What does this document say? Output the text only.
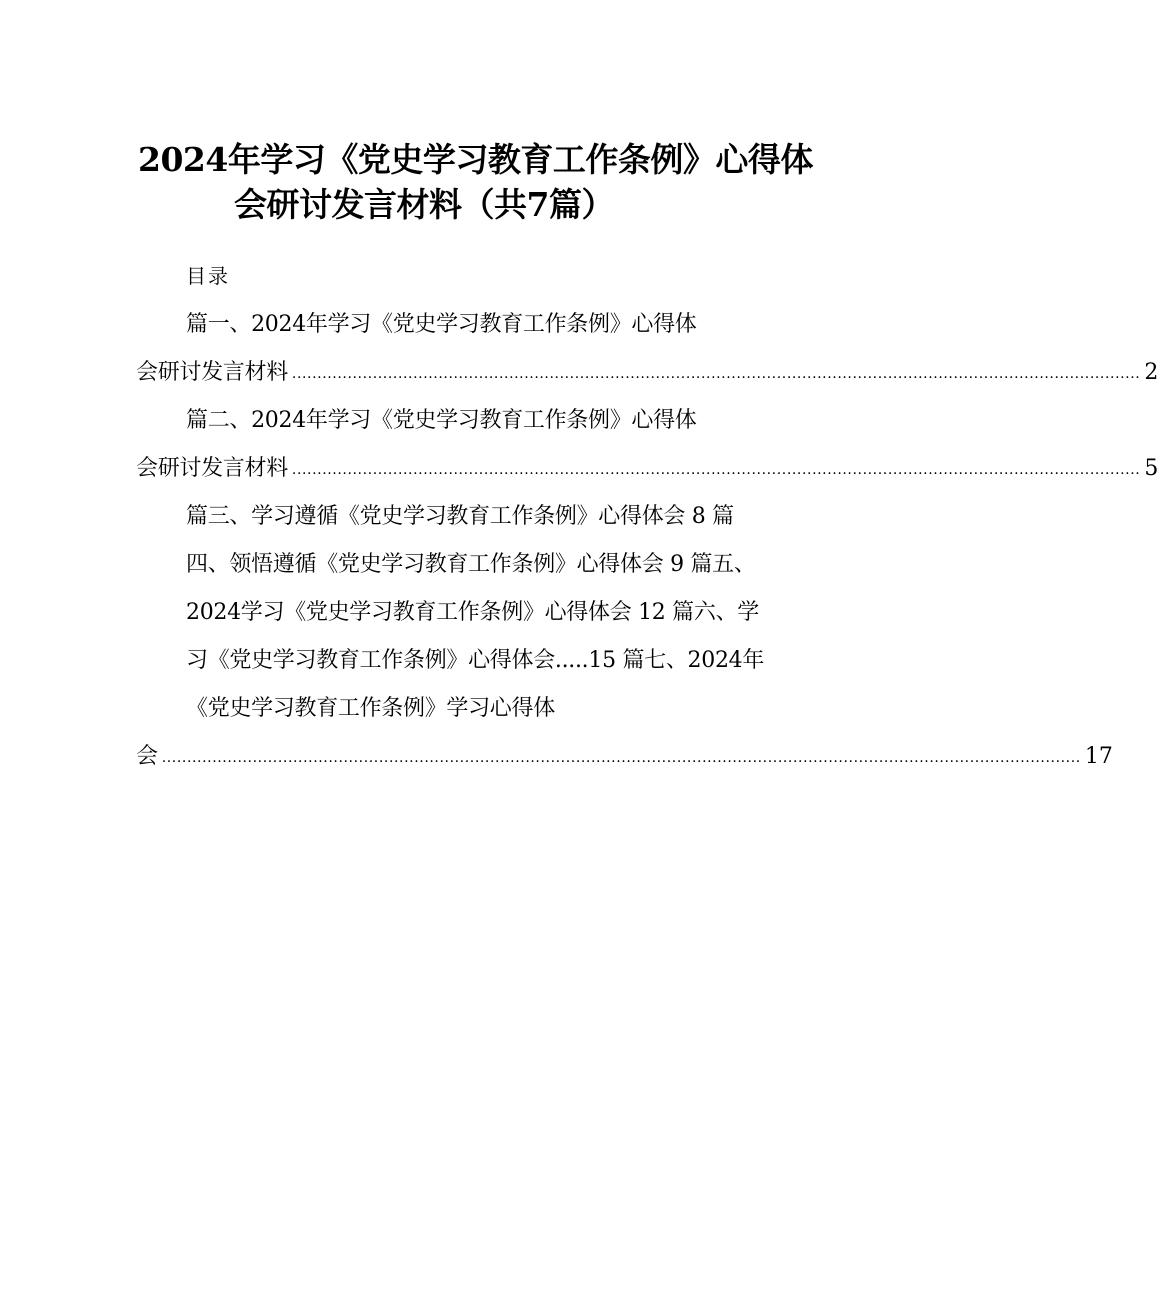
2024年学习《党史学习教育工作条例》心得体
会研讨发言材料（共7篇）
目录
篇一、2024年学习《党史学习教育工作条例》心得体
会研讨发言材料 ........................................................................................................................................................................ 2
篇二、2024年学习《党史学习教育工作条例》心得体
会研讨发言材料 ........................................................................................................................................................................ 5
篇三、学习遵循《党史学习教育工作条例》心得体会 8 篇
四、领悟遵循《党史学习教育工作条例》心得体会 9 篇五、
2024学习《党史学习教育工作条例》心得体会 12 篇六、学
习《党史学习教育工作条例》心得体会.....15 篇七、2024年
《党史学习教育工作条例》学习心得体
会 ...................................................................................................................................................................................... 17
